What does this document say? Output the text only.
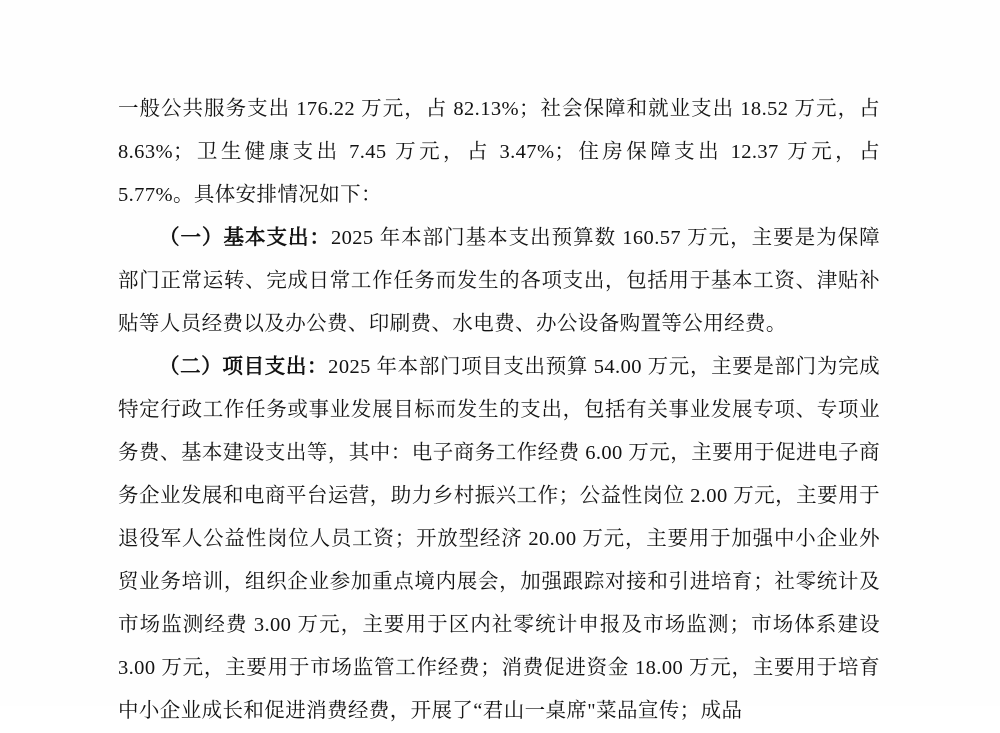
一般公共服务支出 176.22 万元，占 82.13%；社会保障和就业支出 18.52 万元，占 8.63%；卫生健康支出 7.45 万元，占 3.47%；住房保障支出 12.37 万元，占 5.77%。具体安排情况如下：

（一）基本支出：2025 年本部门基本支出预算数 160.57 万元，主要是为保障部门正常运转、完成日常工作任务而发生的各项支出，包括用于基本工资、津贴补贴等人员经费以及办公费、印刷费、水电费、办公设备购置等公用经费。

（二）项目支出：2025 年本部门项目支出预算 54.00 万元，主要是部门为完成特定行政工作任务或事业发展目标而发生的支出，包括有关事业发展专项、专项业务费、基本建设支出等，其中：电子商务工作经费 6.00 万元，主要用于促进电子商务企业发展和电商平台运营，助力乡村振兴工作；公益性岗位 2.00 万元，主要用于退役军人公益性岗位人员工资；开放型经济 20.00 万元，主要用于加强中小企业外贸业务培训，组织企业参加重点境内展会，加强跟踪对接和引进培育；社零统计及市场监测经费 3.00 万元，主要用于区内社零统计申报及市场监测；市场体系建设 3.00 万元，主要用于市场监管工作经费；消费促进资金 18.00 万元，主要用于培育中小企业成长和促进消费经费，开展了“君山一桌席"菜品宣传；成品
